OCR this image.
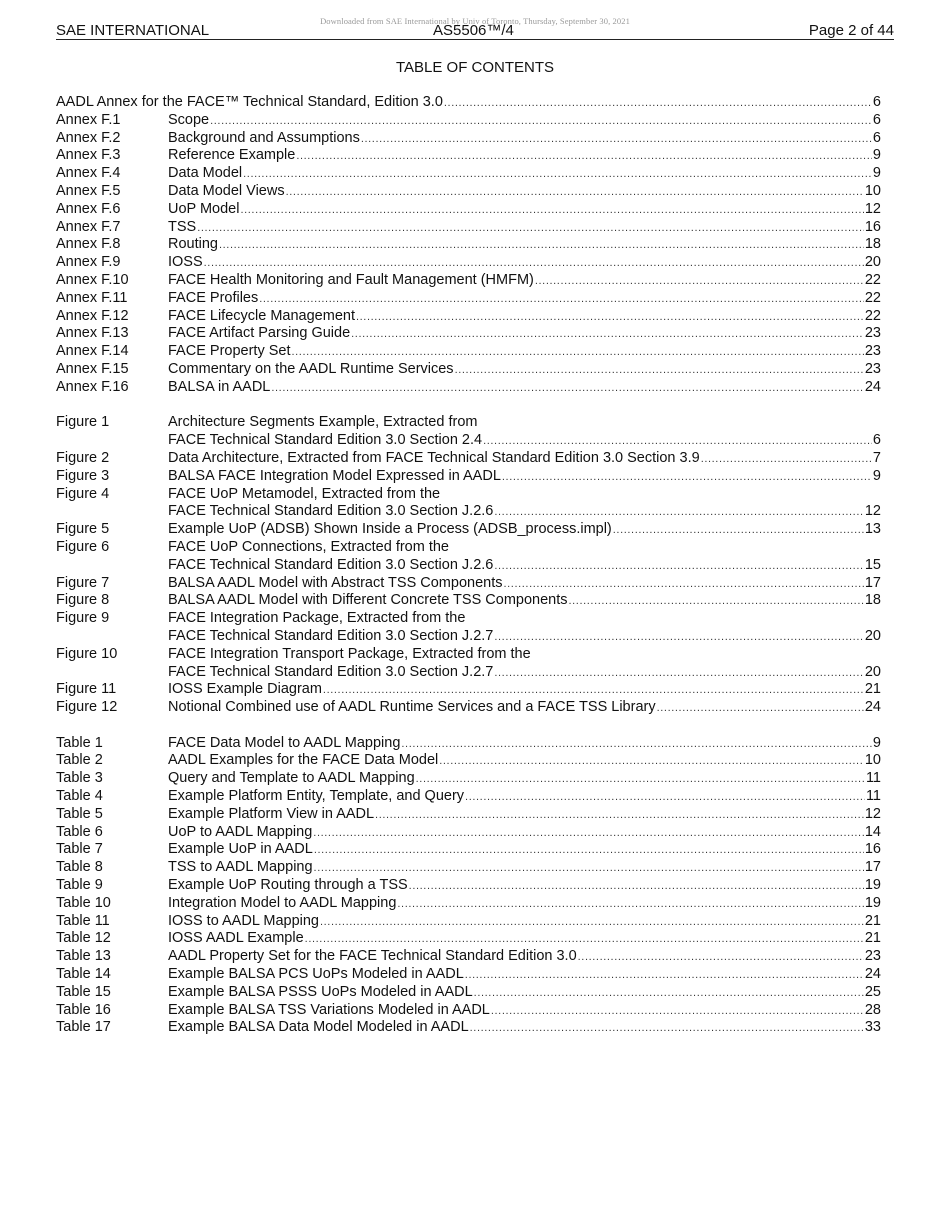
Downloaded from SAE International by Univ of Toronto, Thursday, September 30, 2021
SAE INTERNATIONAL	AS5506™/4	Page 2 of 44
TABLE OF CONTENTS
AADL Annex for the FACE™ Technical Standard, Edition 3.0 .....	6
Annex F.1	Scope .....	6
Annex F.2	Background and Assumptions .....	6
Annex F.3	Reference Example .....	9
Annex F.4	Data Model .....	9
Annex F.5	Data Model Views .....	10
Annex F.6	UoP Model .....	12
Annex F.7	TSS .....	16
Annex F.8	Routing .....	18
Annex F.9	IOSS .....	20
Annex F.10	FACE Health Monitoring and Fault Management (HMFM) .....	22
Annex F.11	FACE Profiles .....	22
Annex F.12	FACE Lifecycle Management .....	22
Annex F.13	FACE Artifact Parsing Guide .....	23
Annex F.14	FACE Property Set .....	23
Annex F.15	Commentary on the AADL Runtime Services .....	23
Annex F.16	BALSA in AADL .....	24
Figure 1	Architecture Segments Example, Extracted from
FACE Technical Standard Edition 3.0 Section 2.4 .....	6
Figure 2	Data Architecture, Extracted from FACE Technical Standard Edition 3.0 Section 3.9 .....	7
Figure 3	BALSA FACE Integration Model Expressed in AADL .....	9
Figure 4	FACE UoP Metamodel, Extracted from the
FACE Technical Standard Edition 3.0 Section J.2.6 .....	12
Figure 5	Example UoP (ADSB) Shown Inside a Process (ADSB_process.impl) .....	13
Figure 6	FACE UoP Connections, Extracted from the
FACE Technical Standard Edition 3.0 Section J.2.6 .....	15
Figure 7	BALSA AADL Model with Abstract TSS Components .....	17
Figure 8	BALSA AADL Model with Different Concrete TSS Components .....	18
Figure 9	FACE Integration Package, Extracted from the
FACE Technical Standard Edition 3.0 Section J.2.7 .....	20
Figure 10	FACE Integration Transport Package, Extracted from the
FACE Technical Standard Edition 3.0 Section J.2.7 .....	20
Figure 11	IOSS Example Diagram .....	21
Figure 12	Notional Combined use of AADL Runtime Services and a FACE TSS Library .....	24
Table 1	FACE Data Model to AADL Mapping .....	9
Table 2	AADL Examples for the FACE Data Model .....	10
Table 3	Query and Template to AADL Mapping .....	11
Table 4	Example Platform Entity, Template, and Query .....	11
Table 5	Example Platform View in AADL .....	12
Table 6	UoP to AADL Mapping .....	14
Table 7	Example UoP in AADL .....	16
Table 8	TSS to AADL Mapping .....	17
Table 9	Example UoP Routing through a TSS .....	19
Table 10	Integration Model to AADL Mapping .....	19
Table 11	IOSS to AADL Mapping .....	21
Table 12	IOSS AADL Example .....	21
Table 13	AADL Property Set for the FACE Technical Standard Edition 3.0 .....	23
Table 14	Example BALSA PCS UoPs Modeled in AADL .....	24
Table 15	Example BALSA PSSS UoPs Modeled in AADL .....	25
Table 16	Example BALSA TSS Variations Modeled in AADL .....	28
Table 17	Example BALSA Data Model Modeled in AADL .....	33
